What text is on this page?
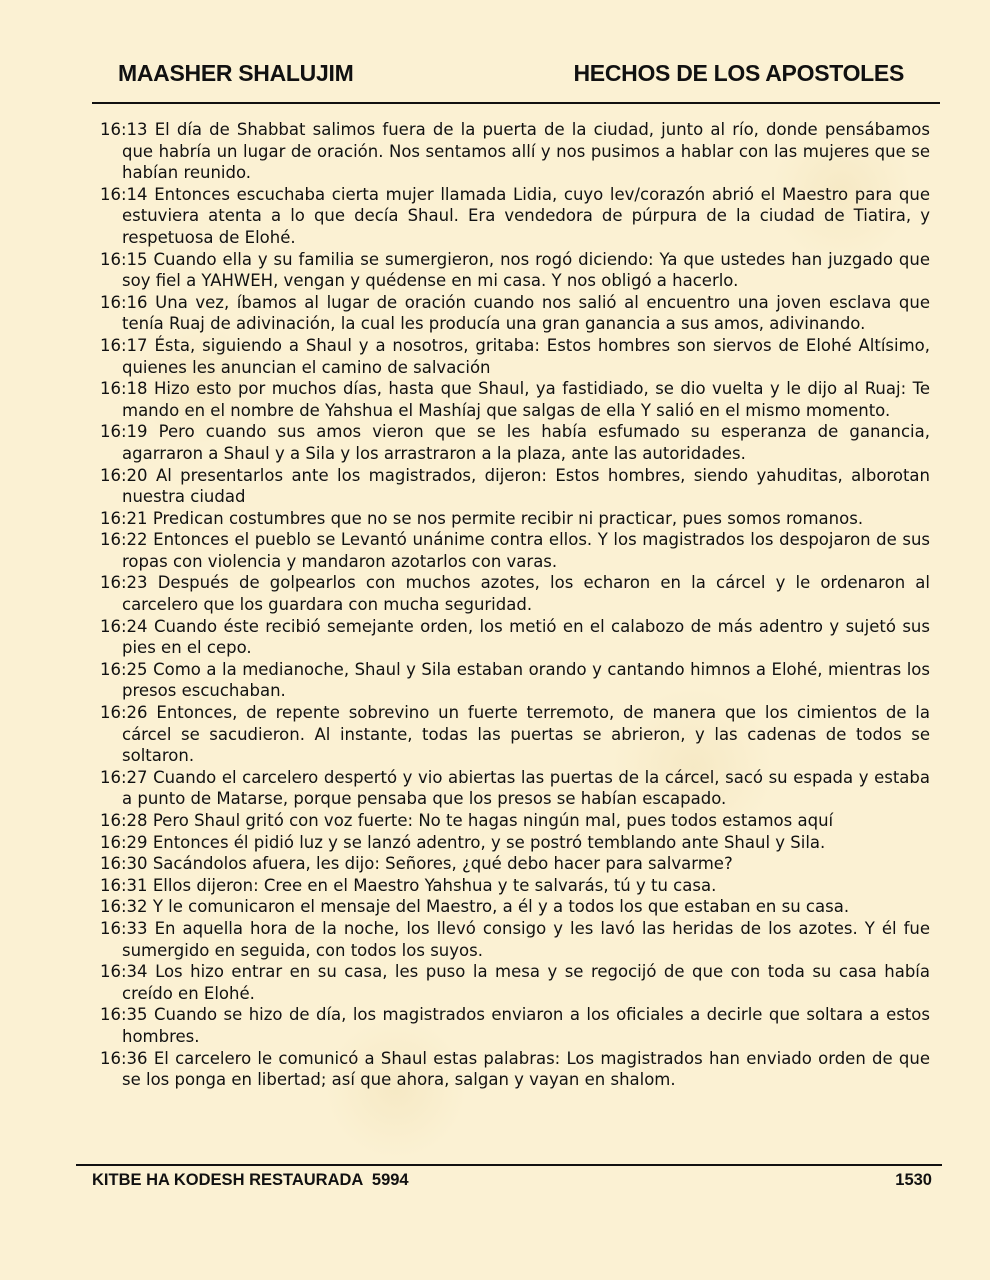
MAASHER SHALUJIM	HECHOS DE LOS APOSTOLES

16:13 El día de Shabbat salimos fuera de la puerta de la ciudad, junto al río, donde pensábamos que habría un lugar de oración. Nos sentamos allí y nos pusimos a hablar con las mujeres que se habían reunido.

16:14 Entonces escuchaba cierta mujer llamada Lidia, cuyo lev/corazón abrió el Maestro para que estuviera atenta a lo que decía Shaul. Era vendedora de púrpura de la ciudad de Tiatira, y respetuosa de Elohé.

16:15 Cuando ella y su familia se sumergieron, nos rogó diciendo: Ya que ustedes han juzgado que soy fiel a YAHWEH, vengan y quédense en mi casa. Y nos obligó a hacerlo.

16:16 Una vez, íbamos al lugar de oración cuando nos salió al encuentro una joven esclava que tenía Ruaj de adivinación, la cual les producía una gran ganancia a sus amos, adivinando.

16:17 Ésta, siguiendo a Shaul y a nosotros, gritaba: Estos hombres son siervos de Elohé Altísimo, quienes les anuncian el camino de salvación

16:18 Hizo esto por muchos días, hasta que Shaul, ya fastidiado, se dio vuelta y le dijo al Ruaj: Te mando en el nombre de Yahshua el Mashíaj que salgas de ella Y salió en el mismo momento.

16:19 Pero cuando sus amos vieron que se les había esfumado su esperanza de ganancia, agarraron a Shaul y a Sila y los arrastraron a la plaza, ante las autoridades.

16:20 Al presentarlos ante los magistrados, dijeron: Estos hombres, siendo yahuditas, alborotan nuestra ciudad

16:21 Predican costumbres que no se nos permite recibir ni practicar, pues somos romanos.

16:22 Entonces el pueblo se Levantó unánime contra ellos. Y los magistrados los despojaron de sus ropas con violencia y mandaron azotarlos con varas.

16:23 Después de golpearlos con muchos azotes, los echaron en la cárcel y le ordenaron al carcelero que los guardara con mucha seguridad.

16:24 Cuando éste recibió semejante orden, los metió en el calabozo de más adentro y sujetó sus pies en el cepo.

16:25 Como a la medianoche, Shaul y Sila estaban orando y cantando himnos a Elohé, mientras los presos escuchaban.

16:26 Entonces, de repente sobrevino un fuerte terremoto, de manera que los cimientos de la cárcel se sacudieron. Al instante, todas las puertas se abrieron, y las cadenas de todos se soltaron.

16:27 Cuando el carcelero despertó y vio abiertas las puertas de la cárcel, sacó su espada y estaba a punto de Matarse, porque pensaba que los presos se habían escapado.

16:28 Pero Shaul gritó con voz fuerte: No te hagas ningún mal, pues todos estamos aquí

16:29 Entonces él pidió luz y se lanzó adentro, y se postró temblando ante Shaul y Sila.

16:30 Sacándolos afuera, les dijo: Señores, ¿qué debo hacer para salvarme?

16:31 Ellos dijeron: Cree en el Maestro Yahshua y te salvarás, tú y tu casa.

16:32 Y le comunicaron el mensaje del Maestro, a él y a todos los que estaban en su casa.

16:33 En aquella hora de la noche, los llevó consigo y les lavó las heridas de los azotes. Y él fue sumergido en seguida, con todos los suyos.

16:34 Los hizo entrar en su casa, les puso la mesa y se regocijó de que con toda su casa había creído en Elohé.

16:35 Cuando se hizo de día, los magistrados enviaron a los oficiales a decirle que soltara a estos hombres.

16:36 El carcelero le comunicó a Shaul estas palabras: Los magistrados han enviado orden de que se los ponga en libertad; así que ahora, salgan y vayan en shalom.

KITBE HA KODESH RESTAURADA  5994	1530
